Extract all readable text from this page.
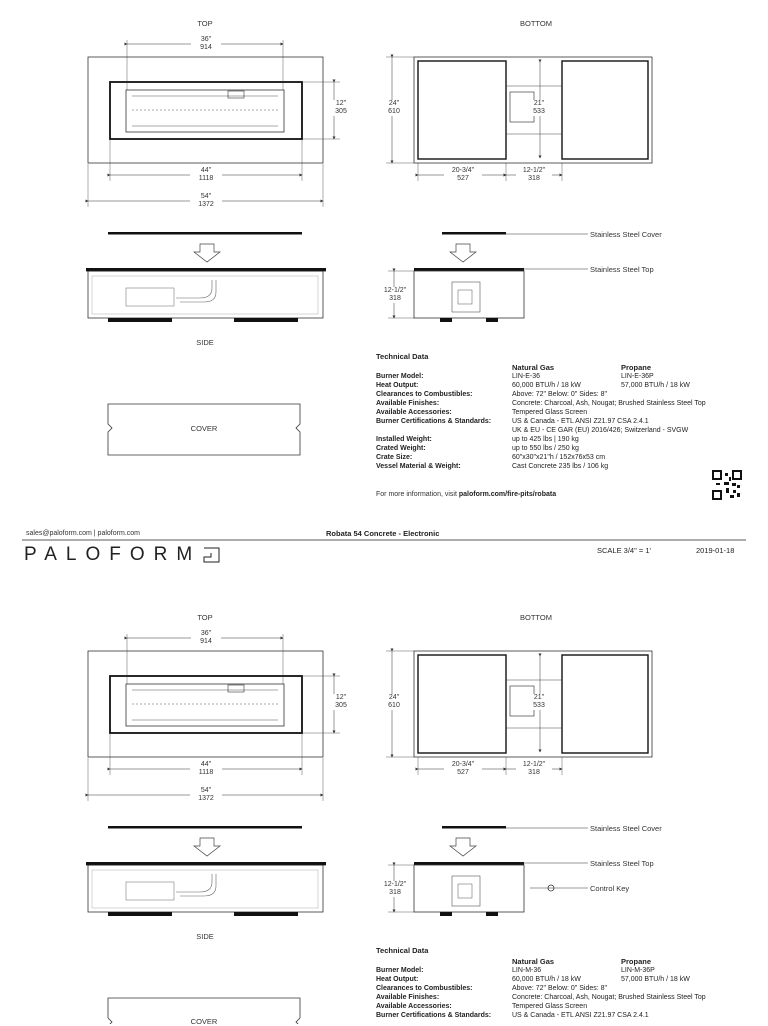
TOP	BOTTOM
36"
914
12"
305
44"
1118
54"
1372
24"
610
21"
533
20-3/4"
527
12-1/2"
318
12-1/2"
318
Stainless Steel Cover
Stainless Steel Top
SIDE
COVER
Technical Data
Natural Gas	Propane
Burner Model:	LIN-E-36	LIN-E-36P
Heat Output:	60,000 BTU/h / 18 kW	57,000 BTU/h / 18 kW
Clearances to Combustibles:	Above: 72" Below: 0" Sides: 8"
Available Finishes:	Concrete: Charcoal, Ash, Nougat; Brushed Stainless Steel Top
Available Accessories:	Tempered Glass Screen
Burner Certifications & Standards:	US & Canada - ETL ANSI Z21.97 CSA 2.4.1
UK & EU - CE GAR (EU) 2016/426; Switzerland - SVGW
Installed Weight:	up to 425 lbs | 190 kg
Crated Weight:	up to 550 lbs / 250 kg
Crate Size:	60"x30"x21"h / 152x76x53 cm
Vessel Material & Weight:	Cast Concrete 235 lbs / 106 kg
For more information, visit paloform.com/fire-pits/robata
sales@paloform.com | paloform.com	Robata 54 Concrete - Electronic
PALOFORM	SCALE 3/4" = 1'	2019-01-18
TOP	BOTTOM
36"
914
12"
305
44"
1118
54"
1372
24"
610
21"
533
20-3/4"
527
12-1/2"
318
12-1/2"
318
Stainless Steel Cover
Stainless Steel Top
Control Key
SIDE
COVER
Technical Data
Natural Gas	Propane
Burner Model:	LIN-M-36	LIN-M-36P
Heat Output:	60,000 BTU/h / 18 kW	57,000 BTU/h / 18 kW
Clearances to Combustibles:	Above: 72" Below: 0" Sides: 8"
Available Finishes:	Concrete: Charcoal, Ash, Nougat; Brushed Stainless Steel Top
Available Accessories:	Tempered Glass Screen
Burner Certifications & Standards:	US & Canada - ETL ANSI Z21.97 CSA 2.4.1
